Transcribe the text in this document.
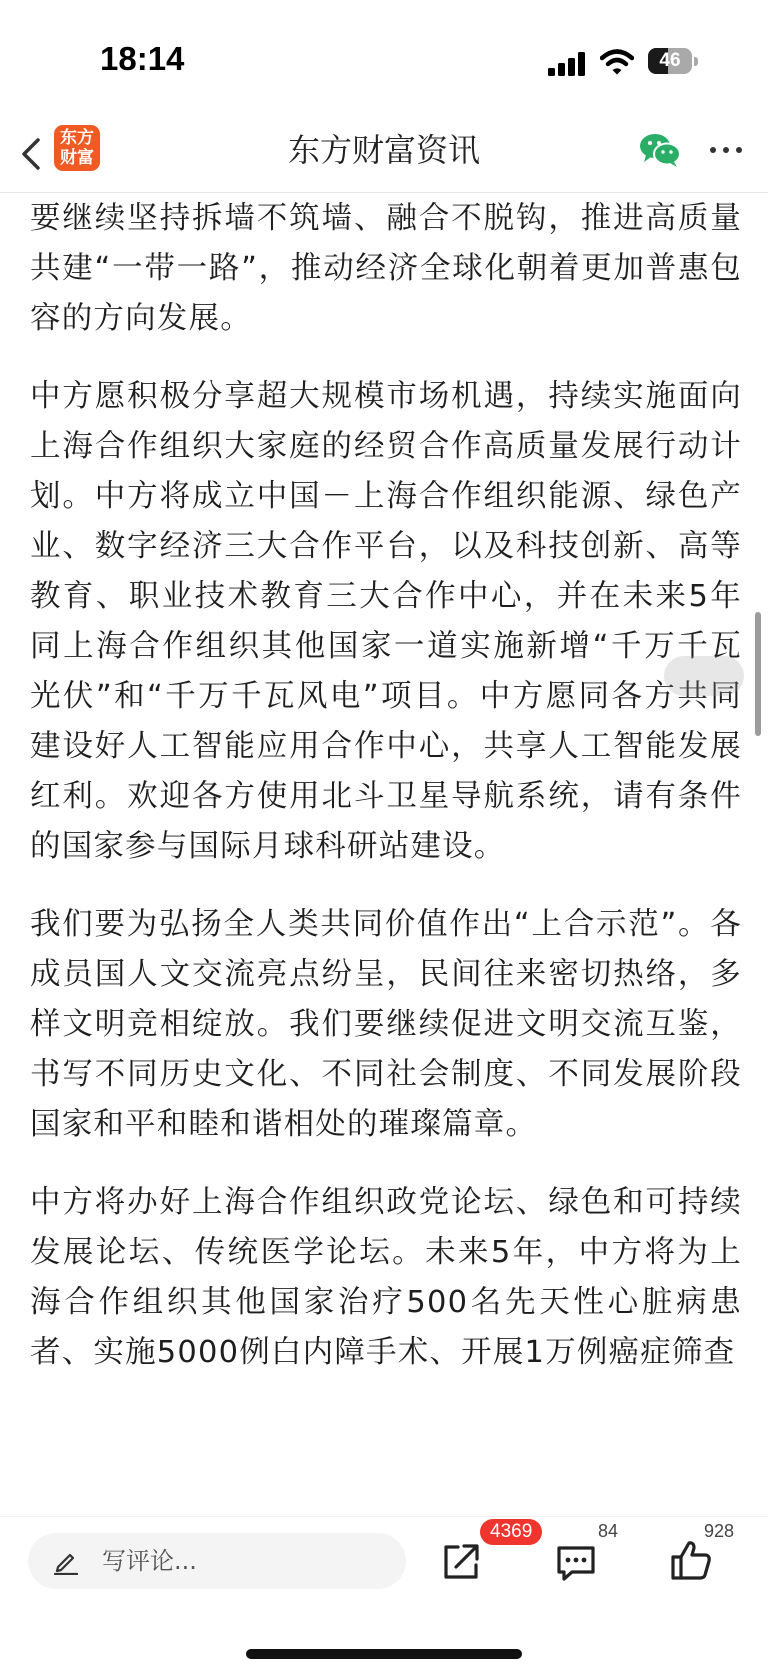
18:14	46
东方
财富	东方财富资讯

要继续坚持拆墙不筑墙、融合不脱钩，推进高质量共建“一带一路”，推动经济全球化朝着更加普惠包容的方向发展。

中方愿积极分享超大规模市场机遇，持续实施面向上海合作组织大家庭的经贸合作高质量发展行动计划。中方将成立中国－上海合作组织能源、绿色产业、数字经济三大合作平台，以及科技创新、高等教育、职业技术教育三大合作中心，并在未来5年同上海合作组织其他国家一道实施新增“千万千瓦光伏”和“千万千瓦风电”项目。中方愿同各方共同建设好人工智能应用合作中心，共享人工智能发展红利。欢迎各方使用北斗卫星导航系统，请有条件的国家参与国际月球科研站建设。

我们要为弘扬全人类共同价值作出“上合示范”。各成员国人文交流亮点纷呈，民间往来密切热络，多样文明竞相绽放。我们要继续促进文明交流互鉴，书写不同历史文化、不同社会制度、不同发展阶段国家和平和睦和谐相处的璀璨篇章。

中方将办好上海合作组织政党论坛、绿色和可持续发展论坛、传统医学论坛。未来5年，中方将为上海合作组织其他国家治疗500名先天性心脏病患者、实施5000例白内障手术、开展1万例癌症筛查

写评论...
4369	84	928
